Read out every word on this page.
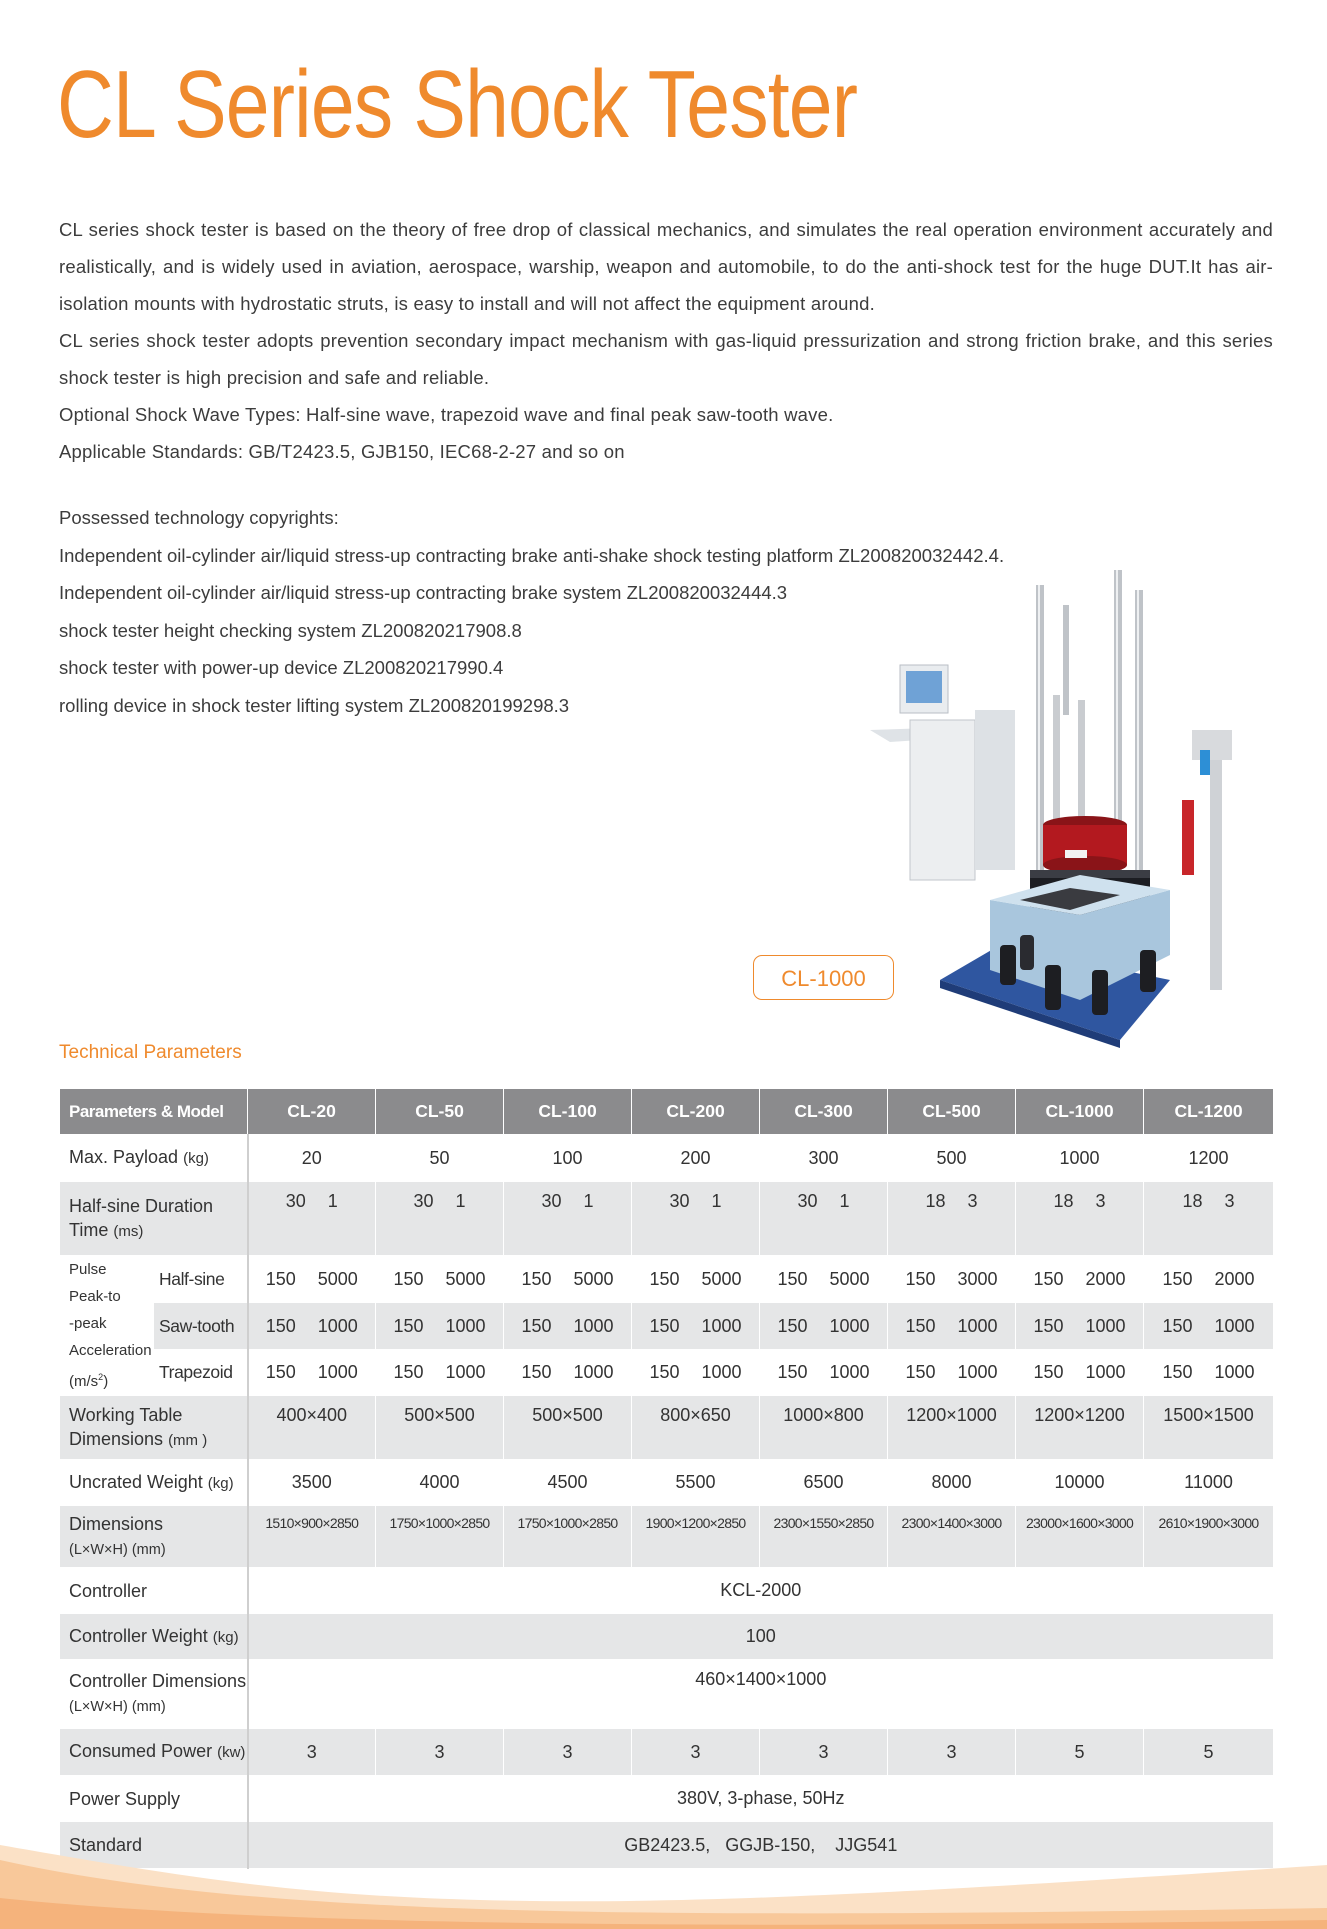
CL Series Shock Tester

CL series shock tester is based on the theory of free drop of classical mechanics, and simulates the real operation environment accurately and realistically, and is widely used in aviation, aerospace, warship, weapon and automobile, to do the anti-shock test for the huge DUT.It has air-isolation mounts with hydrostatic struts, is easy to install and will not affect the equipment around.

CL series shock tester adopts prevention secondary impact mechanism with gas-liquid pressurization and strong friction brake, and this series shock tester is high precision and safe and reliable.

Optional Shock Wave Types: Half-sine wave, trapezoid wave and final peak saw-tooth wave.

Applicable Standards: GB/T2423.5, GJB150, IEC68-2-27 and so on

Possessed technology copyrights:
Independent oil-cylinder air/liquid stress-up contracting brake anti-shake shock testing platform ZL200820032442.4.
Independent oil-cylinder air/liquid stress-up contracting brake system ZL200820032444.3
shock tester height checking system ZL200820217908.8
shock tester with power-up device ZL200820217990.4
rolling device in shock tester lifting system ZL200820199298.3
CL-1000
Technical Parameters
Parameters & Model		CL-20	CL-50	CL-100	CL-200	CL-300	CL-500	CL-1000	CL-1200
Max. Payload (kg)		20	50	100	200	300	500	1000	1200
Half-sine Duration
Time (ms)		30 1	30 1	30 1	30 1	30 1	18 3	18 3	18 3
Pulse
Peak-to
-peak
Acceleration
$(m/s^2)$	Half-sine	150 5000	150 5000	150 5000	150 5000	150 5000	150 3000	150 2000	150 2000
	Saw-tooth	150 1000	150 1000	150 1000	150 1000	150 1000	150 1000	150 1000	150 1000
	Trapezoid	150 1000	150 1000	150 1000	150 1000	150 1000	150 1000	150 1000	150 1000
Working Table
Dimensions (mm )		400×400	500×500	500×500	800×650	1000×800	1200×1000	1200×1200	1500×1500
Uncrated Weight (kg)		3500	4000	4500	5500	6500	8000	10000	11000
Dimensions
(L×W×H) (mm)		1510×900×2850	1750×1000×2850	1750×1000×2850	1900×1200×2850	2300×1550×2850	2300×1400×3000	23000×1600×3000	2610×1900×3000
Controller		KCL-2000							
Controller Weight (kg)		100							
Controller Dimensions
(L×W×H) (mm)		460×1400×1000							
Consumed Power (kw)		3	3	3	3	3	3	5	5
Power Supply		380V, 3-phase, 50Hz							
Standard		GB2423.5,   GGJB-150,    JJG541							
